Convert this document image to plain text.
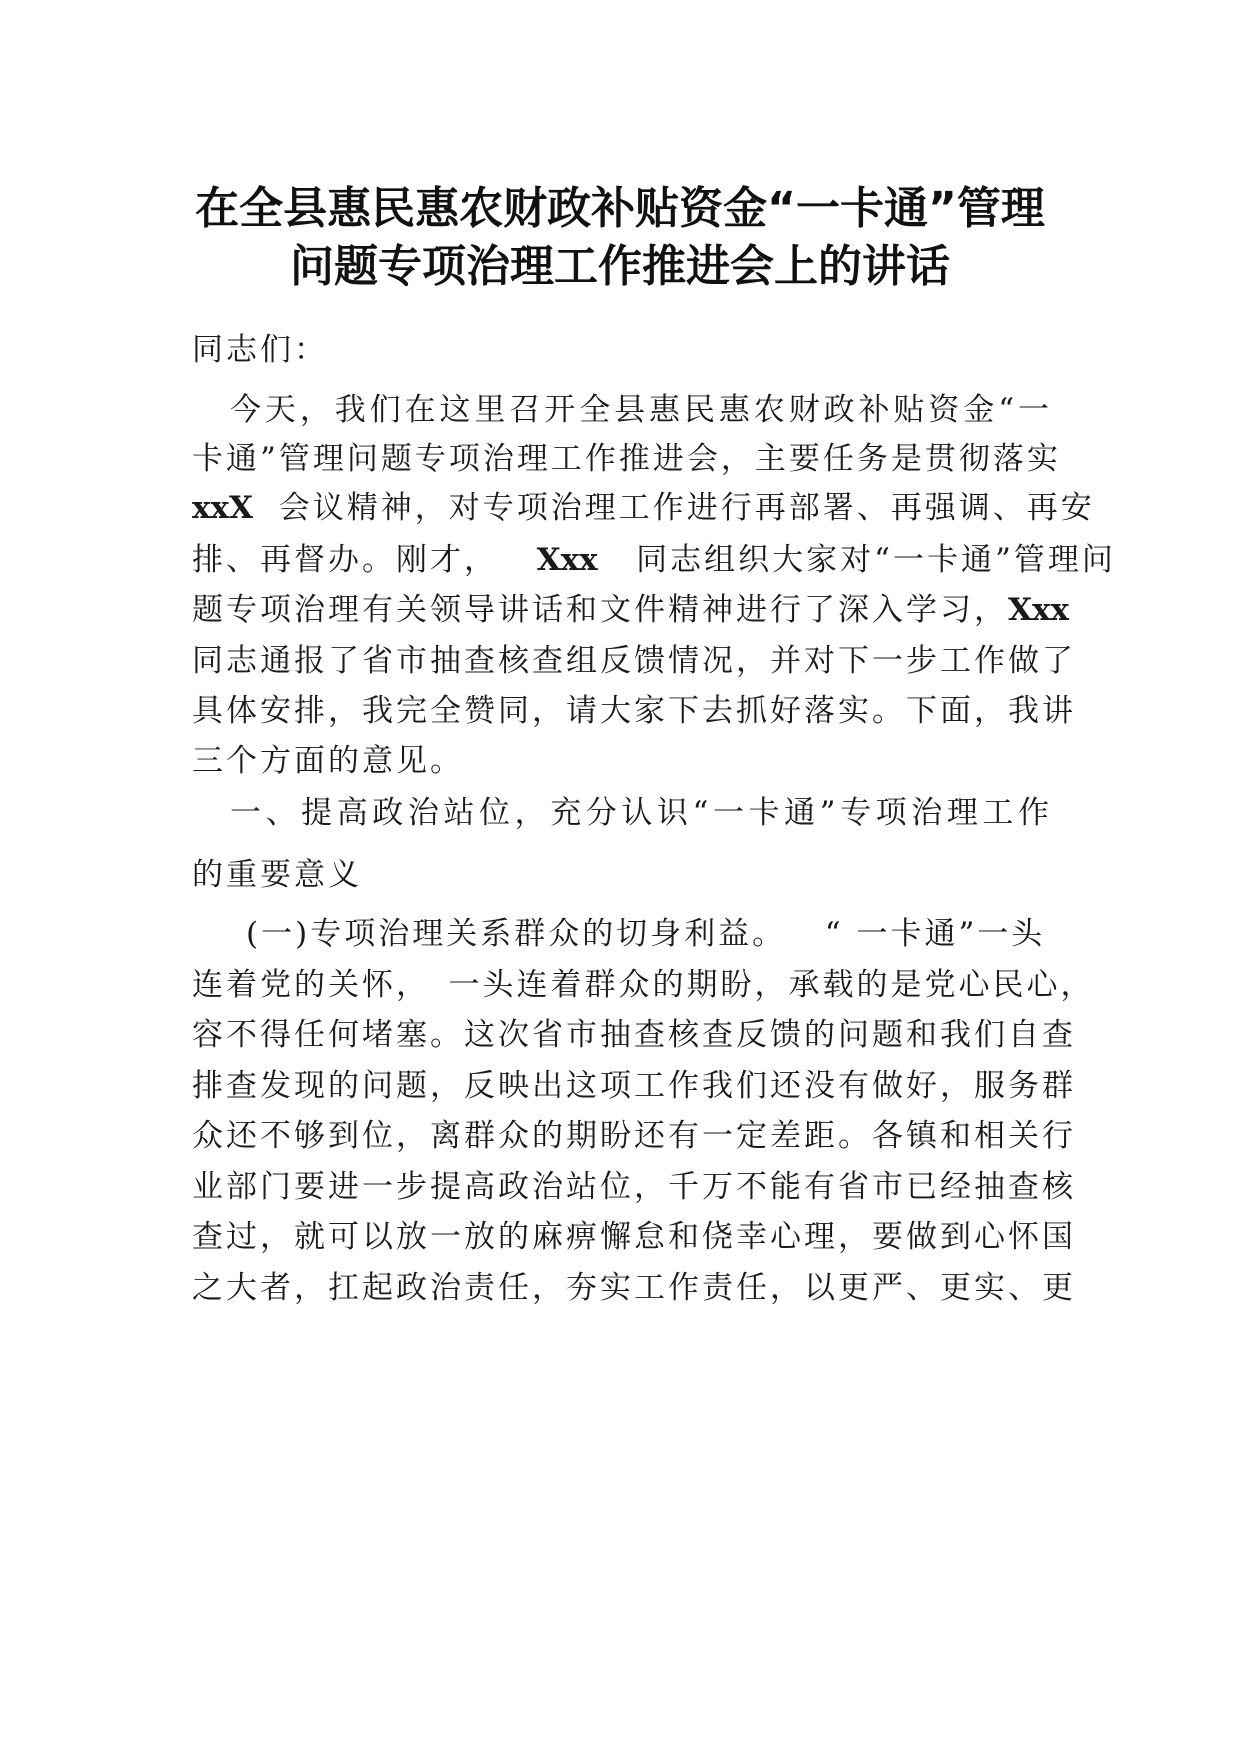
在全县惠民惠农财政补贴资金“一卡通”管理
问题专项治理工作推进会上的讲话
同志们：
今天，我们在这里召开全县惠民惠农财政补贴资金“一
卡通”管理问题专项治理工作推进会，主要任务是贯彻落实
xxX 会议精神，对专项治理工作进行再部署、再强调、再安
排、再督办。刚才， Xxx 同志组织大家对“一卡通”管理问
题专项治理有关领导讲话和文件精神进行了深入学习，Xxx
同志通报了省市抽查核查组反馈情况，并对下一步工作做了
具体安排，我完全赞同，请大家下去抓好落实。下面，我讲
三个方面的意见。
一、提高政治站位，充分认识“一卡通”专项治理工作
的重要意义
(一)专项治理关系群众的切身利益。 “ 一卡通”一头
连着党的关怀，　一头连着群众的期盼，承载的是党心民心，
容不得任何堵塞。这次省市抽查核查反馈的问题和我们自查
排查发现的问题，反映出这项工作我们还没有做好，服务群
众还不够到位，离群众的期盼还有一定差距。各镇和相关行
业部门要进一步提高政治站位，千万不能有省市已经抽查核
查过，就可以放一放的麻痹懈怠和侥幸心理，要做到心怀国
之大者，扛起政治责任，夯实工作责任，以更严、更实、更
